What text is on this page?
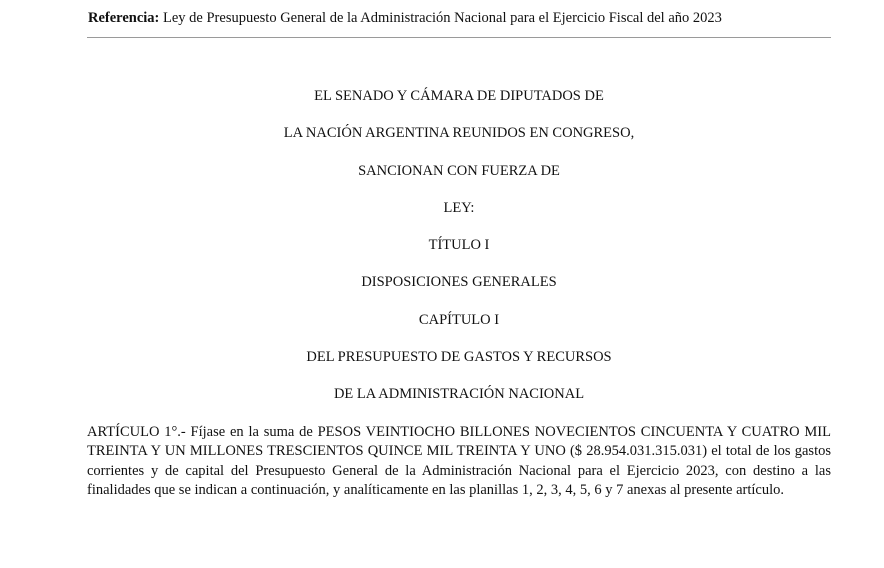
Referencia: Ley de Presupuesto General de la Administración Nacional para el Ejercicio Fiscal del año 2023
EL SENADO Y CÁMARA DE DIPUTADOS DE
LA NACIÓN ARGENTINA REUNIDOS EN CONGRESO,
SANCIONAN CON FUERZA DE
LEY:
TÍTULO I
DISPOSICIONES GENERALES
CAPÍTULO I
DEL PRESUPUESTO DE GASTOS Y RECURSOS
DE LA ADMINISTRACIÓN NACIONAL

ARTÍCULO 1°.- Fíjase en la suma de PESOS VEINTIOCHO BILLONES NOVECIENTOS CINCUENTA Y CUATRO MIL TREINTA Y UN MILLONES TRESCIENTOS QUINCE MIL TREINTA Y UNO ($ 28.954.031.315.031) el total de los gastos corrientes y de capital del Presupuesto General de la Administración Nacional para el Ejercicio 2023, con destino a las finalidades que se indican a continuación, y analíticamente en las planillas 1, 2, 3, 4, 5, 6 y 7 anexas al presente artículo.
